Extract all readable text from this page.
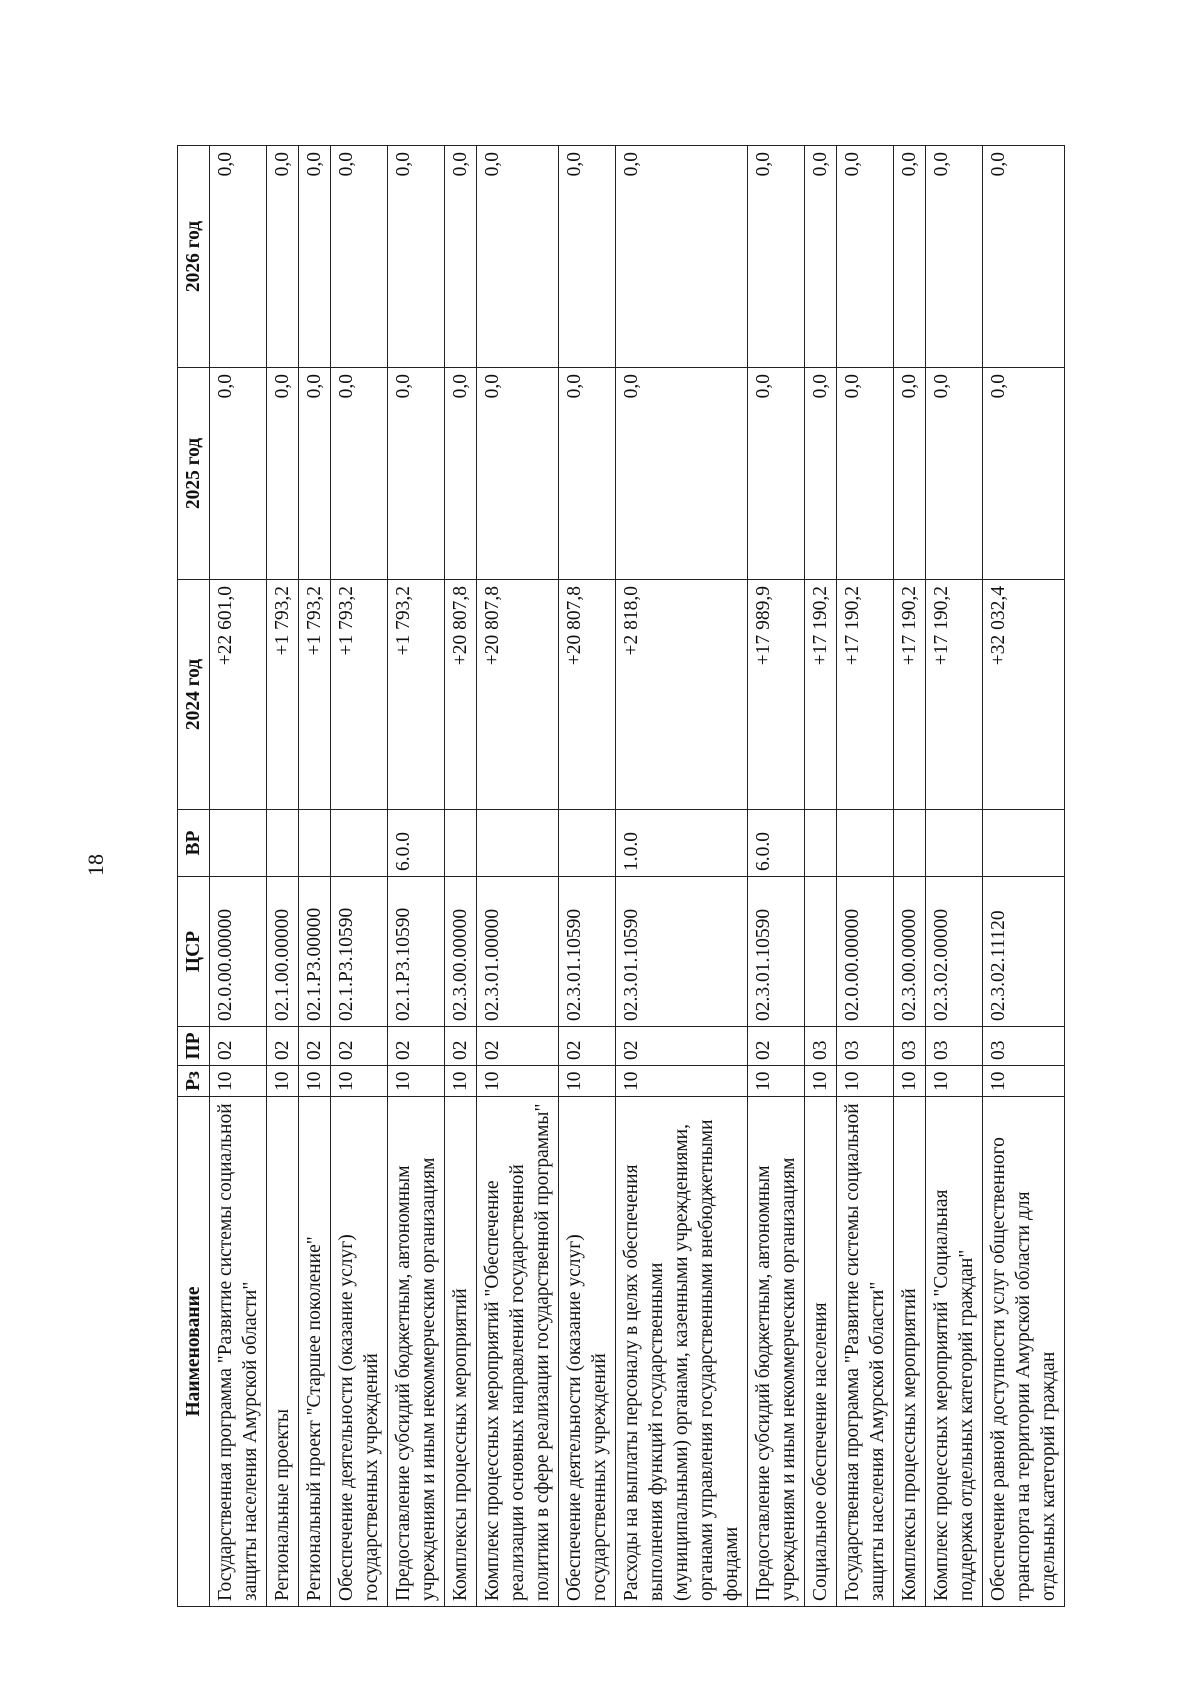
18
Наименование	Рз	ПР	ЦСР	ВР	2024 год	2025 год	2026 год
Государственная программа "Развитие системы социальной защиты населения Амурской области"	10	02	02.0.00.00000		+22 601,0	0,0	0,0
Региональные проекты	10	02	02.1.00.00000		+1 793,2	0,0	0,0
Региональный проект "Старшее поколение"	10	02	02.1.P3.00000		+1 793,2	0,0	0,0
Обеспечение деятельности (оказание услуг) государственных учреждений	10	02	02.1.P3.10590		+1 793,2	0,0	0,0
Предоставление субсидий бюджетным, автономным учреждениям и иным некоммерческим организациям	10	02	02.1.P3.10590	6.0.0	+1 793,2	0,0	0,0
Комплексы процессных мероприятий	10	02	02.3.00.00000		+20 807,8	0,0	0,0
Комплекс процессных мероприятий "Обеспечение реализации основных направлений государственной политики в сфере реализации государственной программы"	10	02	02.3.01.00000		+20 807,8	0,0	0,0
Обеспечение деятельности (оказание услуг) государственных учреждений	10	02	02.3.01.10590		+20 807,8	0,0	0,0
Расходы на выплаты персоналу в целях обеспечения выполнения функций государственными (муниципальными) органами, казенными учреждениями, органами управления государственными внебюджетными фондами	10	02	02.3.01.10590	1.0.0	+2 818,0	0,0	0,0
Предоставление субсидий бюджетным, автономным учреждениям и иным некоммерческим организациям	10	02	02.3.01.10590	6.0.0	+17 989,9	0,0	0,0
Социальное обеспечение населения	10	03			+17 190,2	0,0	0,0
Государственная программа "Развитие системы социальной защиты населения Амурской области"	10	03	02.0.00.00000		+17 190,2	0,0	0,0
Комплексы процессных мероприятий	10	03	02.3.00.00000		+17 190,2	0,0	0,0
Комплекс процессных мероприятий "Социальная поддержка отдельных категорий граждан"	10	03	02.3.02.00000		+17 190,2	0,0	0,0
Обеспечение равной доступности услуг общественного транспорта на территории Амурской области для отдельных категорий граждан	10	03	02.3.02.11120		+32 032,4	0,0	0,0
